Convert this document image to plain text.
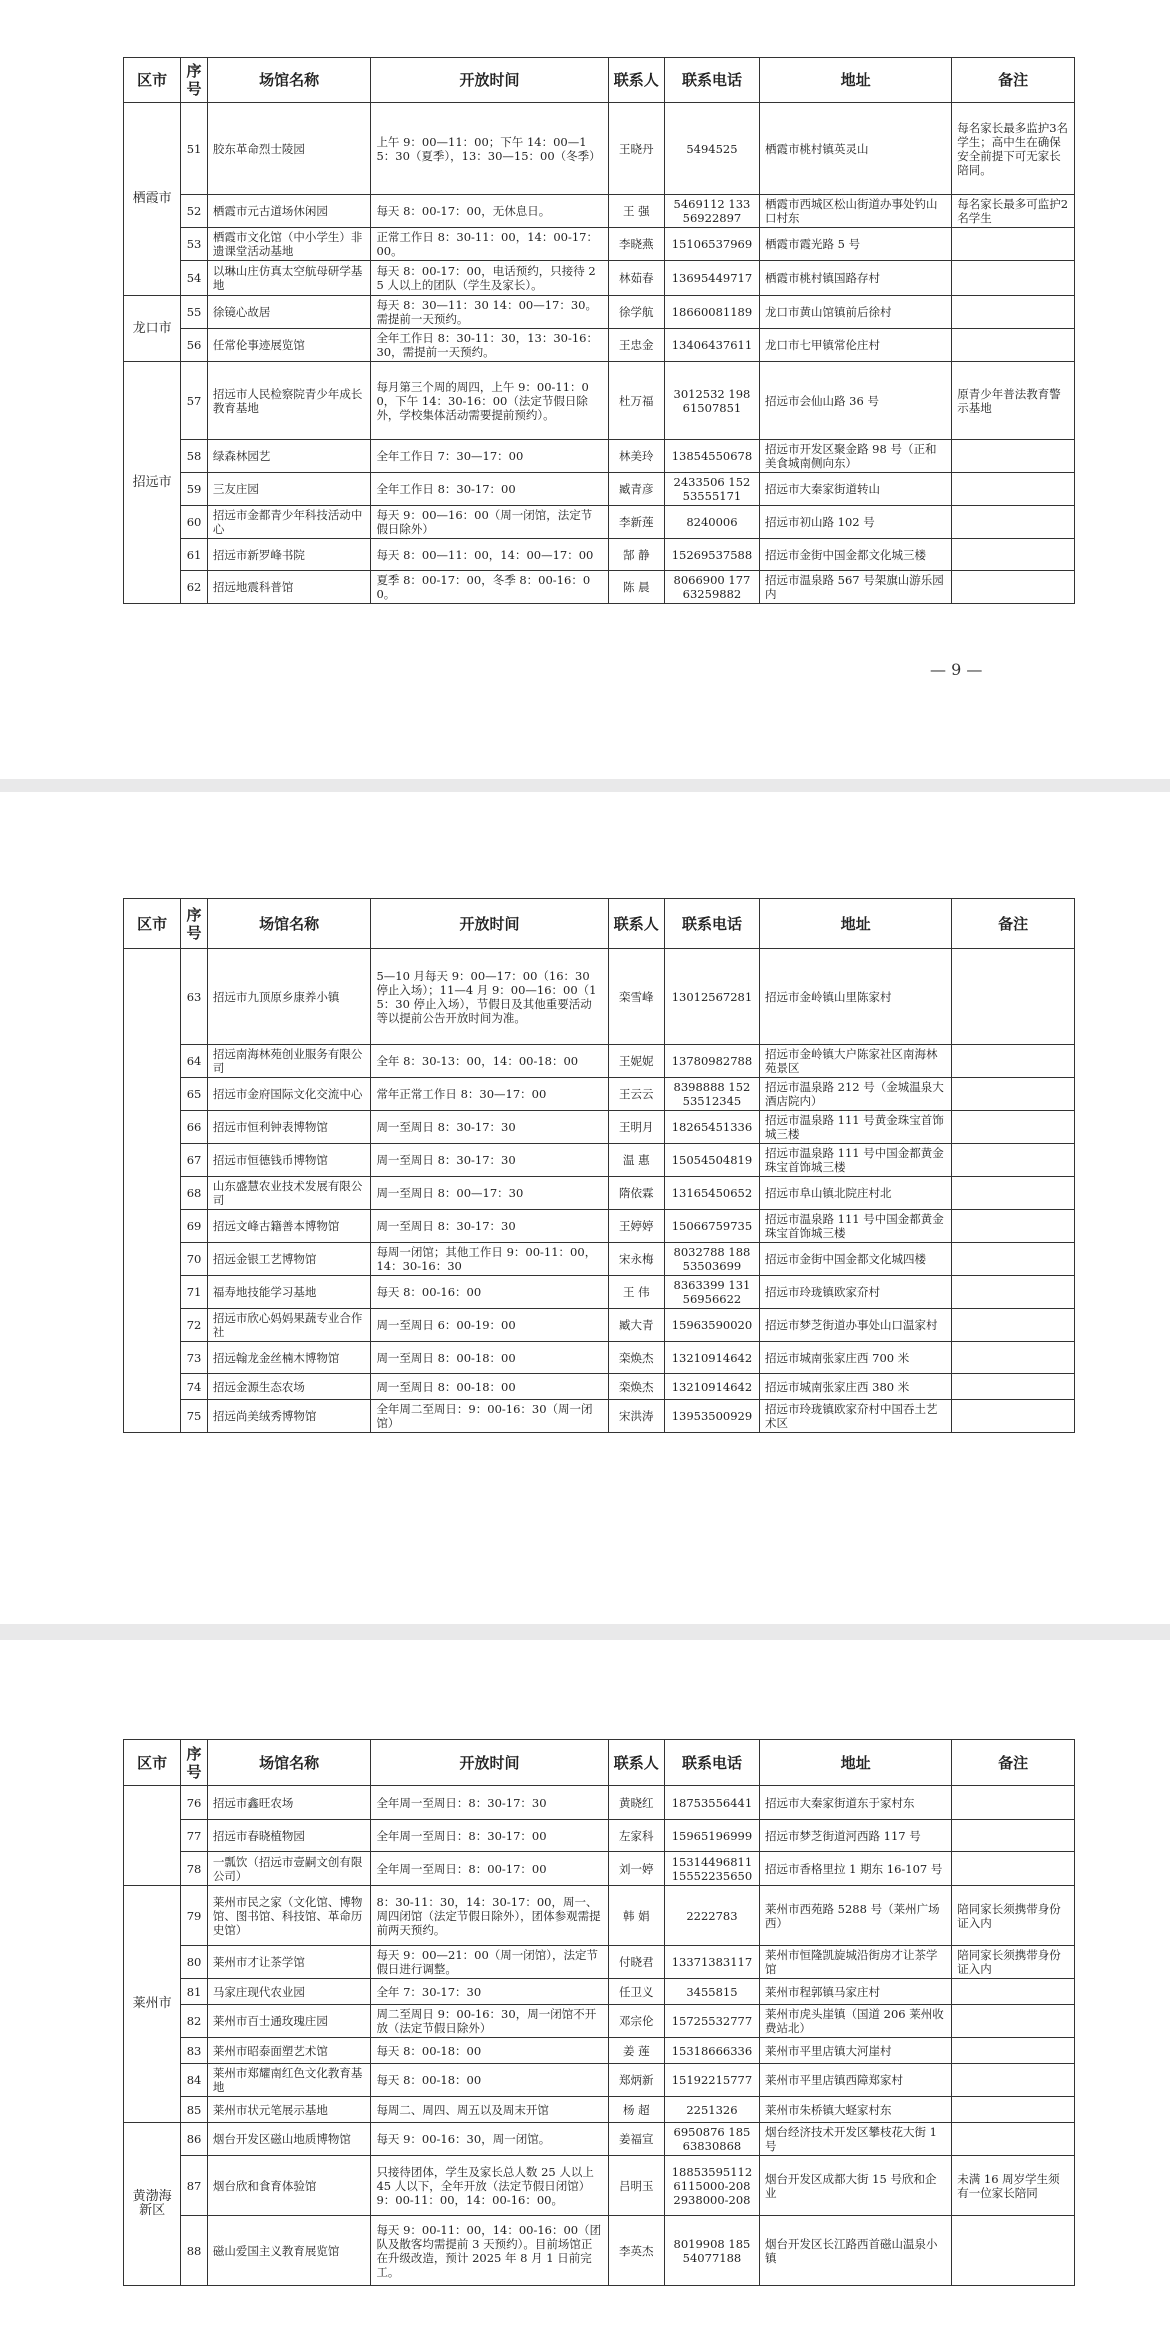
区市	序号	场馆名称	开放时间	联系人	联系电话	地址	备注
栖霞市	51	胶东革命烈士陵园	上午 9：00—11：00；下午 14：00—15：30（夏季），13：30—15：00（冬季）	王晓丹	5494525	栖霞市桃村镇英灵山	每名家长最多监护3名学生；高中生在确保安全前提下可无家长陪同。
	52	栖霞市元古道场休闲园	每天 8：00-17：00，无休息日。	王 强	5469112 13356922897	栖霞市西城区松山街道办事处钓山口村东	每名家长最多可监护2名学生
	53	栖霞市文化馆（中小学生）非遗课堂活动基地	正常工作日 8：30-11：00，14：00-17：00。	李晓燕	15106537969	栖霞市霞光路 5 号	
	54	以琳山庄仿真太空航母研学基地	每天 8：00-17：00，电话预约，只接待 25 人以上的团队（学生及家长）。	林茹春	13695449717	栖霞市桃村镇国路存村	
龙口市	55	徐镜心故居	每天 8：30—11：30 14：00—17：30。需提前一天预约。	徐学航	18660081189	龙口市黄山馆镇前后徐村	
	56	任常伦事迹展览馆	全年工作日 8：30-11：30，13：30-16：30，需提前一天预约。	王忠金	13406437611	龙口市七甲镇常伦庄村	
招远市	57	招远市人民检察院青少年成长教育基地	每月第三个周的周四，上午 9：00-11：00，下午 14：30-16：00（法定节假日除外，学校集体活动需要提前预约）。	杜万福	3012532 19861507851	招远市会仙山路 36 号	原青少年普法教育警示基地
	58	绿森林园艺	全年工作日 7：30—17：00	林美玲	13854550678	招远市开发区聚金路 98 号（正和美食城南侧向东）	
	59	三友庄园	全年工作日 8：30-17：00	臧青彦	2433506 15253555171	招远市大秦家街道转山	
	60	招远市金都青少年科技活动中心	每天 9：00—16：00（周一闭馆，法定节假日除外）	李新莲	8240006	招远市初山路 102 号	
	61	招远市新罗峰书院	每天 8：00—11：00，14：00—17：00	郜 静	15269537588	招远市金街中国金都文化城三楼	
	62	招远地震科普馆	夏季 8：00-17：00，冬季 8：00-16：00。	陈 晨	8066900 17763259882	招远市温泉路 567 号架旗山游乐园内	
— 9 —
区市	序号	场馆名称	开放时间	联系人	联系电话	地址	备注
	63	招远市九顶原乡康养小镇	5—10 月每天 9：00—17：00（16：30 停止入场）；11—4 月 9：00—16：00（15：30 停止入场），节假日及其他重要活动等以提前公告开放时间为准。	栾雪峰	13012567281	招远市金岭镇山里陈家村	
	64	招远南海林苑创业服务有限公司	全年 8：30-13：00，14：00-18：00	王妮妮	13780982788	招远市金岭镇大户陈家社区南海林苑景区	
	65	招远市金府国际文化交流中心	常年正常工作日 8：30—17：00	王云云	8398888 15253512345	招远市温泉路 212 号（金城温泉大酒店院内）	
	66	招远市恒利钟表博物馆	周一至周日 8：30-17：30	王明月	18265451336	招远市温泉路 111 号黄金珠宝首饰城三楼	
	67	招远市恒德钱币博物馆	周一至周日 8：30-17：30	温 惠	15054504819	招远市温泉路 111 号中国金都黄金珠宝首饰城三楼	
	68	山东盛慧农业技术发展有限公司	周一至周日 8：00—17：30	隋依霖	13165450652	招远市阜山镇北院庄村北	
	69	招远文峰古籍善本博物馆	周一至周日 8：30-17：30	王婷婷	15066759735	招远市温泉路 111 号中国金都黄金珠宝首饰城三楼	
	70	招远金银工艺博物馆	每周一闭馆；其他工作日 9：00-11：00，14：30-16：30	宋永梅	8032788 18853503699	招远市金街中国金都文化城四楼	
	71	福寿地技能学习基地	每天 8：00-16：00	王 伟	8363399 13156956622	招远市玲珑镇欧家夼村	
	72	招远市欣心妈妈果蔬专业合作社	周一至周日 6：00-19：00	臧大青	15963590020	招远市梦芝街道办事处山口温家村	
	73	招远翰龙金丝楠木博物馆	周一至周日 8：00-18：00	栾焕杰	13210914642	招远市城南张家庄西 700 米	
	74	招远金源生态农场	周一至周日 8：00-18：00	栾焕杰	13210914642	招远市城南张家庄西 380 米	
	75	招远尚美绒秀博物馆	全年周二至周日：9：00-16：30（周一闭馆）	宋洪涛	13953500929	招远市玲珑镇欧家夼村中国吞土艺术区	
区市	序号	场馆名称	开放时间	联系人	联系电话	地址	备注
	76	招远市鑫旺农场	全年周一至周日：8：30-17：30	黄晓红	18753556441	招远市大秦家街道东于家村东	
	77	招远市春晓植物园	全年周一至周日：8：30-17：00	左家科	15965196999	招远市梦芝街道河西路 117 号	
	78	一瓢饮（招远市壹嗣文创有限公司）	全年周一至周日：8：00-17：00	刘一婷	15314496811 15552235650	招远市香格里拉 1 期东 16-107 号	
莱州市	79	莱州市民之家（文化馆、博物馆、图书馆、科技馆、革命历史馆）	8：30-11：30，14：30-17：00，周一、周四闭馆（法定节假日除外），团体参观需提前两天预约。	韩 娟	2222783	莱州市西苑路 5288 号（莱州广场西）	陪同家长须携带身份证入内
	80	莱州市才让茶学馆	每天 9：00—21：00（周一闭馆），法定节假日进行调整。	付晓君	13371383117	莱州市恒隆凯旋城沿街房才让茶学馆	陪同家长须携带身份证入内
	81	马家庄现代农业园	全年 7：30-17：30	任卫义	3455815	莱州市程郭镇马家庄村	
	82	莱州市百士通玫瑰庄园	周二至周日 9：00-16：30，周一闭馆不开放（法定节假日除外）	邓宗伦	15725532777	莱州市虎头崖镇（国道 206 莱州收费站北）	
	83	莱州市昭泰面塑艺术馆	每天 8：00-18：00	姜 莲	15318666336	莱州市平里店镇大河崖村	
	84	莱州市郑耀南红色文化教育基地	每天 8：00-18：00	郑炳新	15192215777	莱州市平里店镇西障郑家村	
	85	莱州市状元笔展示基地	每周二、周四、周五以及周末开馆	杨 超	2251326	莱州市朱桥镇大蛏家村东	
黄渤海新区	86	烟台开发区磁山地质博物馆	每天 9：00-16：30，周一闭馆。	姜福宣	6950876 18563830868	烟台经济技术开发区攀枝花大街 1 号	
	87	烟台欣和食育体验馆	只接待团体，学生及家长总人数 25 人以上 45 人以下，全年开放（法定节假日闭馆）9：00-11：00，14：00-16：00。	吕明玉	18853595112 6115000-208 2938000-208	烟台开发区成都大街 15 号欣和企业	未满 16 周岁学生须有一位家长陪同
	88	磁山爱国主义教育展览馆	每天 9：00-11：00，14：00-16：00（团队及散客均需提前 3 天预约）。目前场馆正在升级改造，预计 2025 年 8 月 1 日前完工。	李英杰	8019908 18554077188	烟台开发区长江路西首磁山温泉小镇	
